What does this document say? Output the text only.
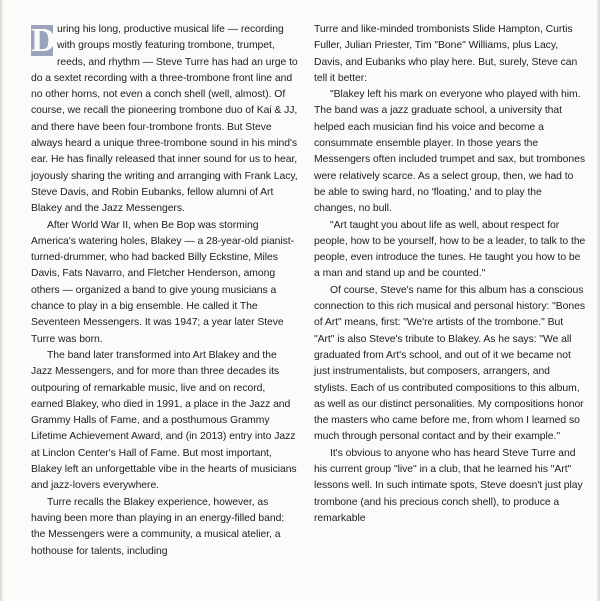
D uring his long, productive musical life — recording with groups mostly featuring trombone, trumpet, reeds, and rhythm — Steve Turre has had an urge to do a sextet recording with a three-trombone front line and no other horns, not even a conch shell (well, almost). Of course, we recall the pioneering trombone duo of Kai & JJ, and there have been four-trombone fronts. But Steve always heard a unique three-trombone sound in his mind's ear. He has finally released that inner sound for us to hear, joyously sharing the writing and arranging with Frank Lacy, Steve Davis, and Robin Eubanks, fellow alumni of Art Blakey and the Jazz Messengers.

After World War II, when Be Bop was storming America's watering holes, Blakey — a 28-year-old pianist-turned-drummer, who had backed Billy Eckstine, Miles Davis, Fats Navarro, and Fletcher Henderson, among others — organized a band to give young musicians a chance to play in a big ensemble. He called it The Seventeen Messengers. It was 1947; a year later Steve Turre was born.

The band later transformed into Art Blakey and the Jazz Messengers, and for more than three decades its outpouring of remarkable music, live and on record, earned Blakey, who died in 1991, a place in the Jazz and Grammy Halls of Fame, and a posthumous Grammy Lifetime Achievement Award, and (in 2013) entry into Jazz at Linclon Center's Hall of Fame. But most important, Blakey left an unforgettable vibe in the hearts of musicians and jazz-lovers everywhere.

Turre recalls the Blakey experience, however, as having been more than playing in an energy-filled band: the Messengers were a community, a musical atelier, a hothouse for talents, including

Turre and like-minded trombonists Slide Hampton, Curtis Fuller, Julian Priester, Tim "Bone" Williams, plus Lacy, Davis, and Eubanks who play here. But, surely, Steve can tell it better:

"Blakey left his mark on everyone who played with him. The band was a jazz graduate school, a university that helped each musician find his voice and become a consummate ensemble player. In those years the Messengers often included trumpet and sax, but trombones were relatively scarce. As a select group, then, we had to be able to swing hard, no 'floating,' and to play the changes, no bull.

"Art taught you about life as well, about respect for people, how to be yourself, how to be a leader, to talk to the people, even introduce the tunes. He taught you how to be a man and stand up and be counted."

Of course, Steve's name for this album has a conscious connection to this rich musical and personal history: "Bones of Art" means, first: "We're artists of the trombone." But "Art" is also Steve's tribute to Blakey. As he says: "We all graduated from Art's school, and out of it we became not just instrumentalists, but composers, arrangers, and stylists. Each of us contributed compositions to this album, as well as our distinct personalities. My compositions honor the masters who came before me, from whom I learned so much through personal contact and by their example."

It's obvious to anyone who has heard Steve Turre and his current group "live" in a club, that he learned his "Art" lessons well. In such intimate spots, Steve doesn't just play trombone (and his precious conch shell), to produce a remarkable
